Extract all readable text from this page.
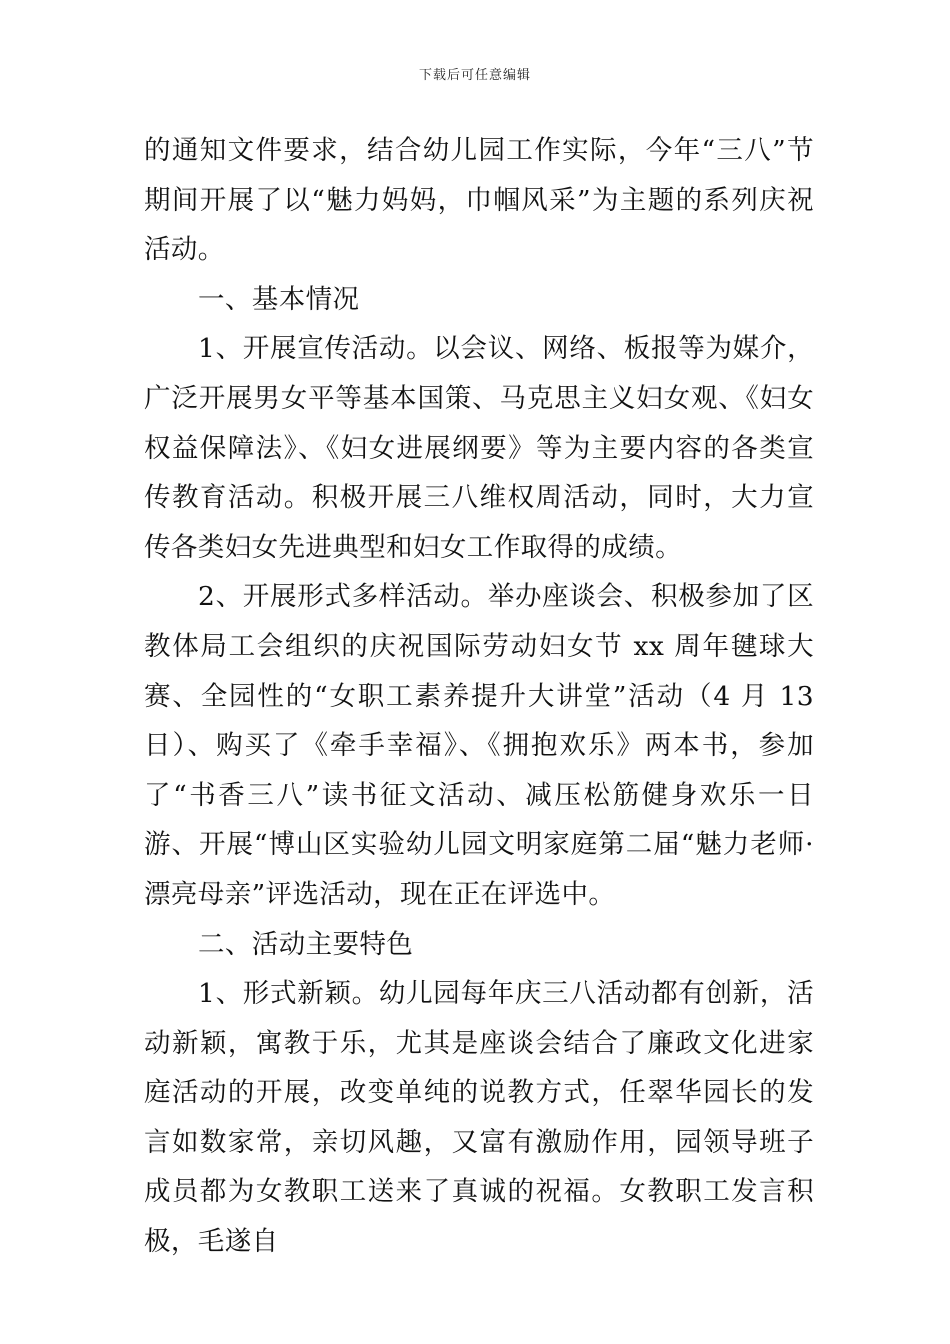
下载后可任意编辑

的通知文件要求，结合幼儿园工作实际，今年“三八”节期间开展了以“魅力妈妈，巾帼风采”为主题的系列庆祝活动。

一、基本情况

1、开展宣传活动。以会议、网络、板报等为媒介，广泛开展男女平等基本国策、马克思主义妇女观、《妇女权益保障法》、《妇女进展纲要》等为主要内容的各类宣传教育活动。积极开展三八维权周活动，同时，大力宣传各类妇女先进典型和妇女工作取得的成绩。

2、开展形式多样活动。举办座谈会、积极参加了区教体局工会组织的庆祝国际劳动妇女节 xx 周年毽球大赛、全园性的“女职工素养提升大讲堂”活动（4 月 13 日）、购买了《牵手幸福》、《拥抱欢乐》两本书，参加了“书香三八”读书征文活动、减压松筋健身欢乐一日游、开展“博山区实验幼儿园文明家庭第二届“魅力老师·漂亮母亲”评选活动，现在正在评选中。

二、活动主要特色

1、形式新颖。幼儿园每年庆三八活动都有创新，活动新颖，寓教于乐，尤其是座谈会结合了廉政文化进家庭活动的开展，改变单纯的说教方式，任翠华园长的发言如数家常，亲切风趣，又富有激励作用，园领导班子成员都为女教职工送来了真诚的祝福。女教职工发言积极，毛遂自
